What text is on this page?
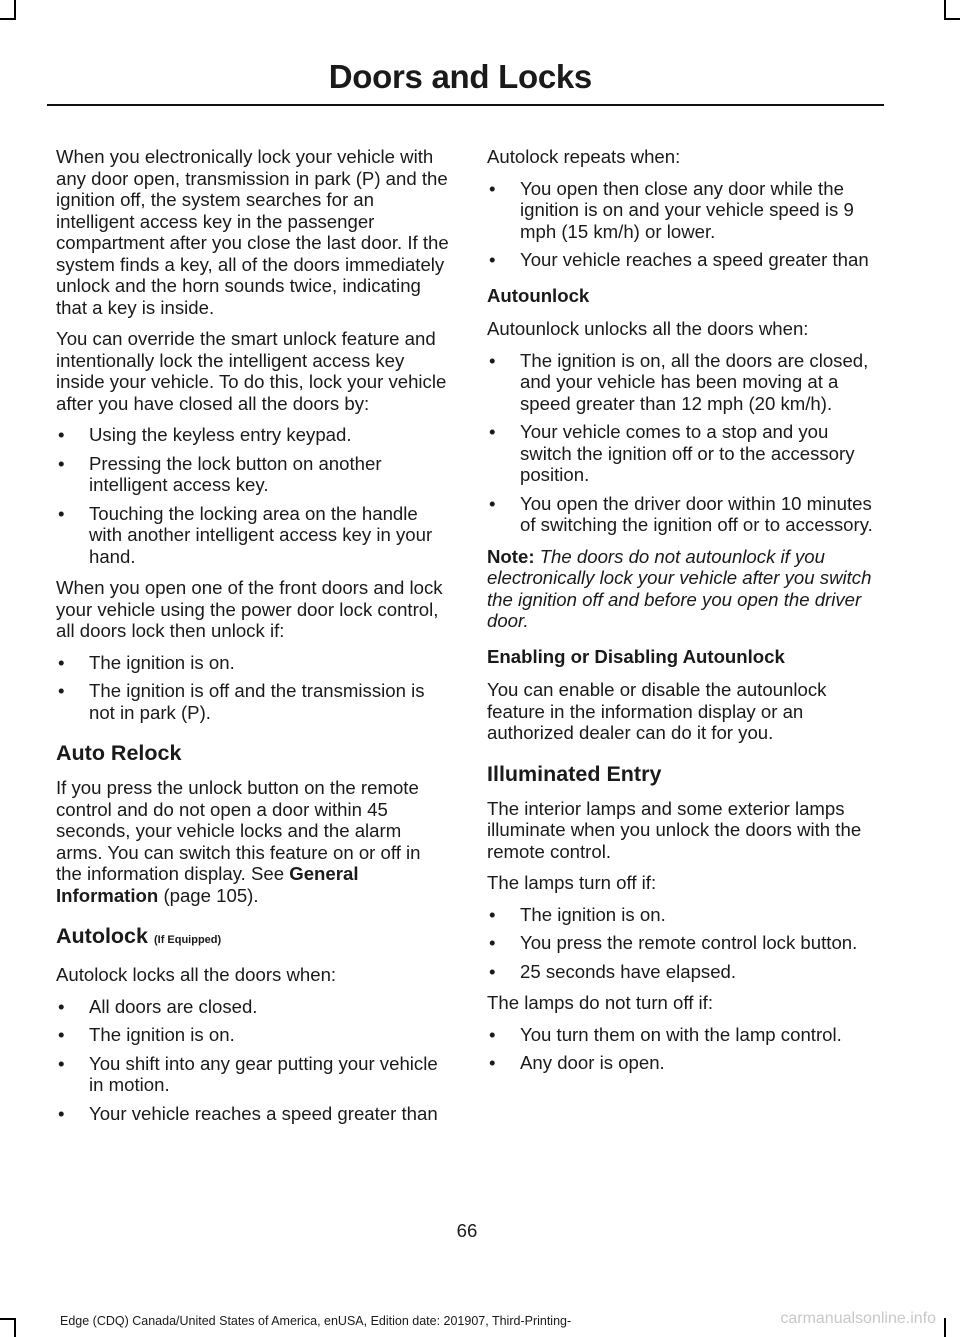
Doors and Locks

When you electronically lock your vehicle with any door open, transmission in park (P) and the ignition off, the system searches for an intelligent access key in the passenger compartment after you close the last door. If the system finds a key, all of the doors immediately unlock and the horn sounds twice, indicating that a key is inside.

You can override the smart unlock feature and intentionally lock the intelligent access key inside your vehicle. To do this, lock your vehicle after you have closed all the doors by:

• Using the keyless entry keypad.
• Pressing the lock button on another intelligent access key.
• Touching the locking area on the handle with another intelligent access key in your hand.

When you open one of the front doors and lock your vehicle using the power door lock control, all doors lock then unlock if:

• The ignition is on.
• The ignition is off and the transmission is not in park (P).
Auto Relock

If you press the unlock button on the remote control and do not open a door within 45 seconds, your vehicle locks and the alarm arms. You can switch this feature on or off in the information display. See General Information (page 105).

Autolock (If Equipped)

Autolock locks all the doors when:

• All doors are closed.
• The ignition is on.
• You shift into any gear putting your vehicle in motion.
• Your vehicle reaches a speed greater than

Autolock repeats when:

• You open then close any door while the ignition is on and your vehicle speed is 9 mph (15 km/h) or lower.
• Your vehicle reaches a speed greater than
Autounlock

Autounlock unlocks all the doors when:

• The ignition is on, all the doors are closed, and your vehicle has been moving at a speed greater than 12 mph (20 km/h).
• Your vehicle comes to a stop and you switch the ignition off or to the accessory position.
• You open the driver door within 10 minutes of switching the ignition off or to accessory.

Note: The doors do not autounlock if you electronically lock your vehicle after you switch the ignition off and before you open the driver door.

Enabling or Disabling Autounlock

You can enable or disable the autounlock feature in the information display or an authorized dealer can do it for you.

Illuminated Entry

The interior lamps and some exterior lamps illuminate when you unlock the doors with the remote control.

The lamps turn off if:

• The ignition is on.
• You press the remote control lock button.
• 25 seconds have elapsed.

The lamps do not turn off if:

• You turn them on with the lamp control.
• Any door is open.
66
Edge (CDQ) Canada/United States of America, enUSA, Edition date: 201907, Third-Printing-	carmanualsonline.info
